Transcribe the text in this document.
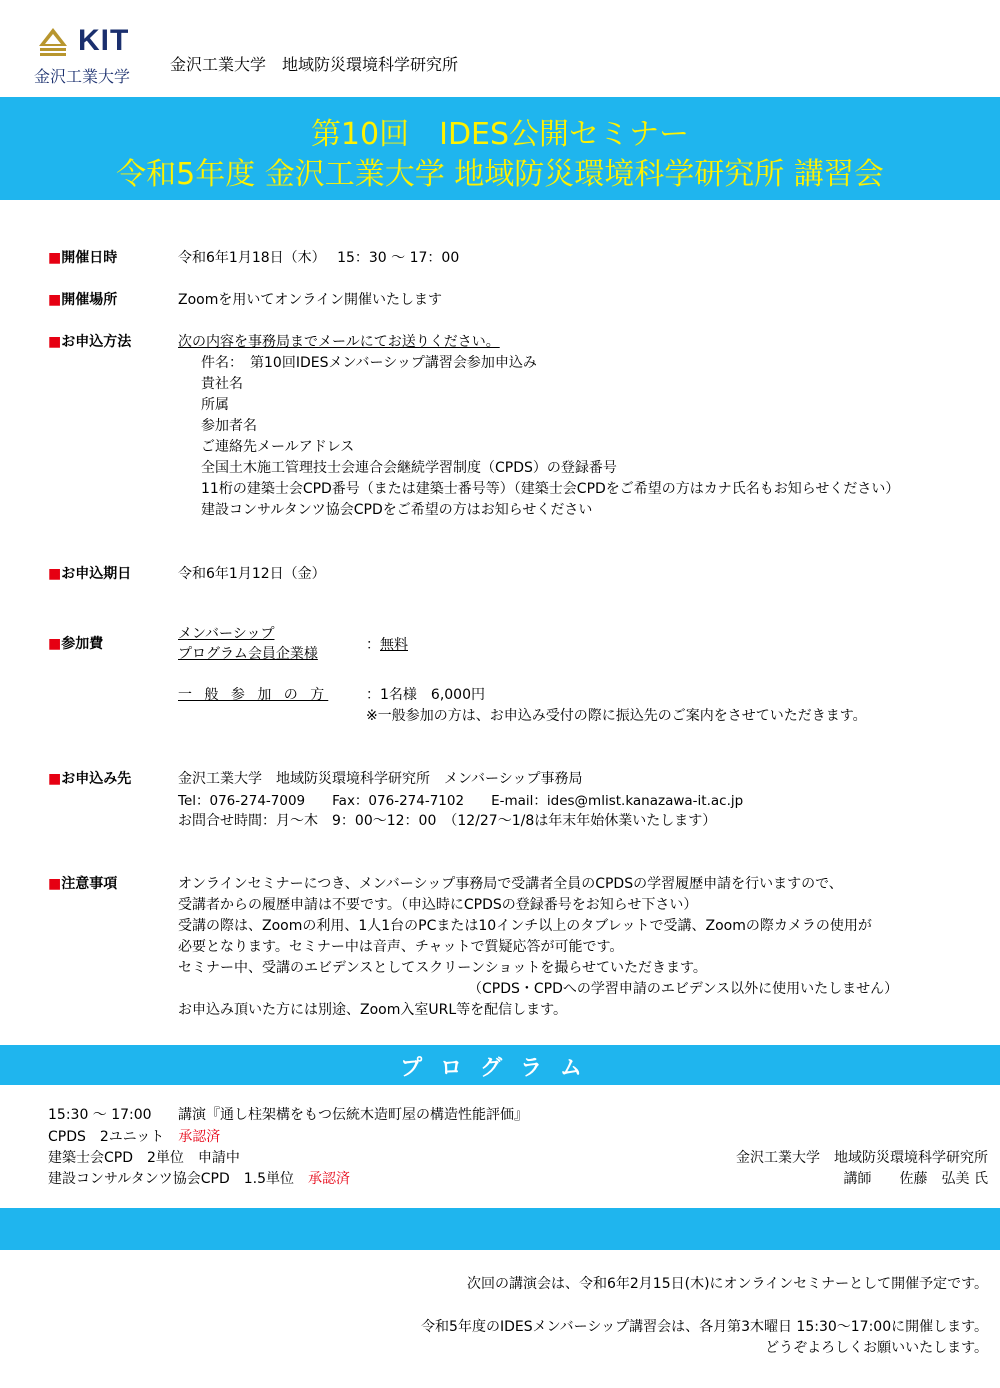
KIT
金沢工業大学
金沢工業大学　地域防災環境科学研究所
第10回　IDES公開セミナー
令和5年度 金沢工業大学 地域防災環境科学研究所 講習会
■開催日時	令和6年1月18日（木）　 15：30 ～ 17：00
■開催場所	Zoomを用いてオンライン開催いたします
■お申込方法	次の内容を事務局までメールにてお送りください。
件名：　第10回IDESメンバーシップ講習会参加申込み
貴社名
所属
参加者名
ご連絡先メールアドレス
全国土木施工管理技士会連合会継続学習制度（CPDS）の登録番号
11桁の建築士会CPD番号（または建築士番号等）（建築士会CPDをご希望の方はカナ氏名もお知らせください）
建設コンサルタンツ協会CPDをご希望の方はお知らせください
■お申込期日	令和6年1月12日（金）
■参加費
メンバーシップ
プログラム会員企業様
：無料
一 般 参 加 の 方	：1名様　6,000円
※一般参加の方は、お申込み受付の際に振込先のご案内をさせていただきます。
■お申込み先	金沢工業大学　地域防災環境科学研究所　メンバーシップ事務局
Tel：076-274-7009　　Fax：076-274-7102　　E-mail：ides@mlist.kanazawa-it.ac.jp
お問合せ時間：月～木　9：00～12：00　（12/27～1/8は年末年始休業いたします）
■注意事項	オンラインセミナーにつき、メンバーシップ事務局で受講者全員のCPDSの学習履歴申請を行いますので、
受講者からの履歴申請は不要です。（申込時にCPDSの登録番号をお知らせ下さい）
受講の際は、Zoomの利用、1人1台のPCまたは10インチ以上のタブレットで受講、Zoomの際カメラの使用が
必要となります。セミナー中は音声、チャットで質疑応答が可能です。
セミナー中、受講のエビデンスとしてスクリーンショットを撮らせていただきます。
（CPDS・CPDへの学習申請のエビデンス以外に使用いたしません）
お申込み頂いた方には別途、Zoom入室URL等を配信します。
プログラム
15:30 ～ 17:00 講演『通し柱架構をもつ伝統木造町屋の構造性能評価』
CPDS　2ユニット　 承認済
建築士会CPD　2単位　申請中
建設コンサルタンツ協会CPD　1.5単位　 承認済
金沢工業大学　地域防災環境科学研究所
講師　　佐藤　弘美 氏
次回の講演会は、令和6年2月15日(木)にオンラインセミナーとして開催予定です。
令和5年度のIDESメンバーシップ講習会は、各月第3木曜日 15:30～17:00に開催します。
どうぞよろしくお願いいたします。
